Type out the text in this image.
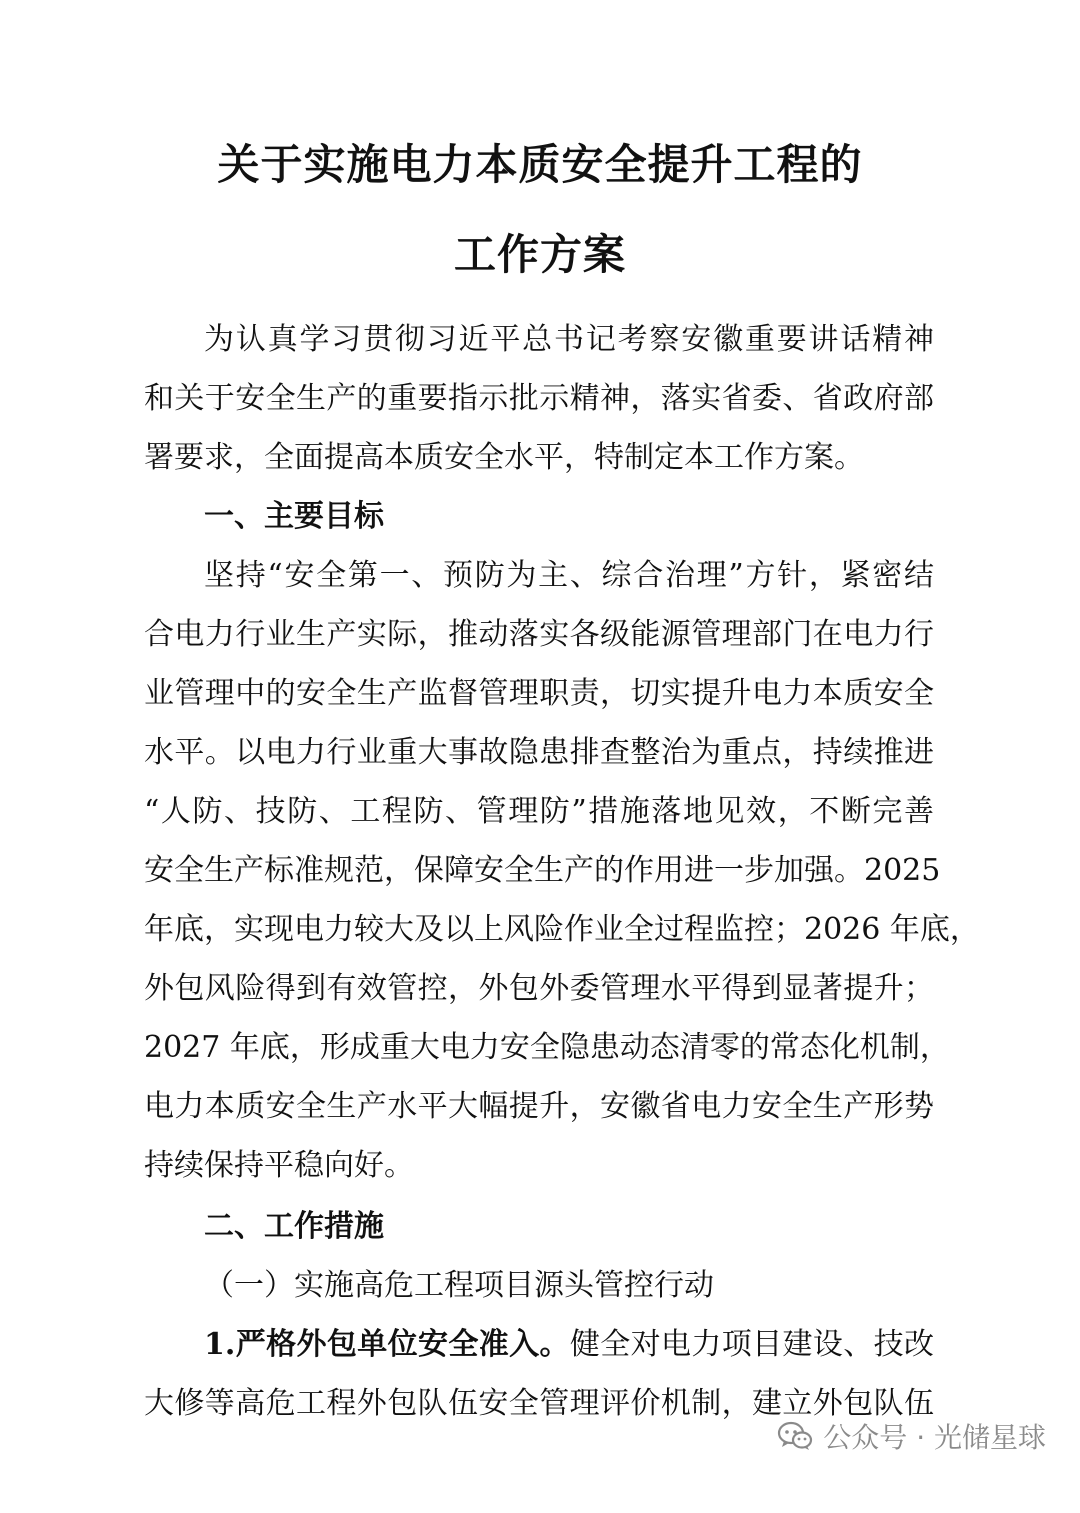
关于实施电力本质安全提升工程的
工作方案

为认真学习贯彻习近平总书记考察安徽重要讲话精神

和关于安全生产的重要指示批示精神，落实省委、省政府部

署要求，全面提高本质安全水平，特制定本工作方案。

一、主要目标

坚持“安全第一、预防为主、综合治理”方针，紧密结

合电力行业生产实际，推动落实各级能源管理部门在电力行

业管理中的安全生产监督管理职责，切实提升电力本质安全

水平。以电力行业重大事故隐患排查整治为重点，持续推进

“人防、技防、工程防、管理防”措施落地见效，不断完善

安全生产标准规范，保障安全生产的作用进一步加强。2025

年底，实现电力较大及以上风险作业全过程监控；2026 年底，

外包风险得到有效管控，外包外委管理水平得到显著提升；

2027 年底，形成重大电力安全隐患动态清零的常态化机制，

电力本质安全生产水平大幅提升，安徽省电力安全生产形势

持续保持平稳向好。

二、工作措施

（一）实施高危工程项目源头管控行动

1.严格外包单位安全准入。健全对电力项目建设、技改

大修等高危工程外包队伍安全管理评价机制，建立外包队伍

公众号 · 光储星球
